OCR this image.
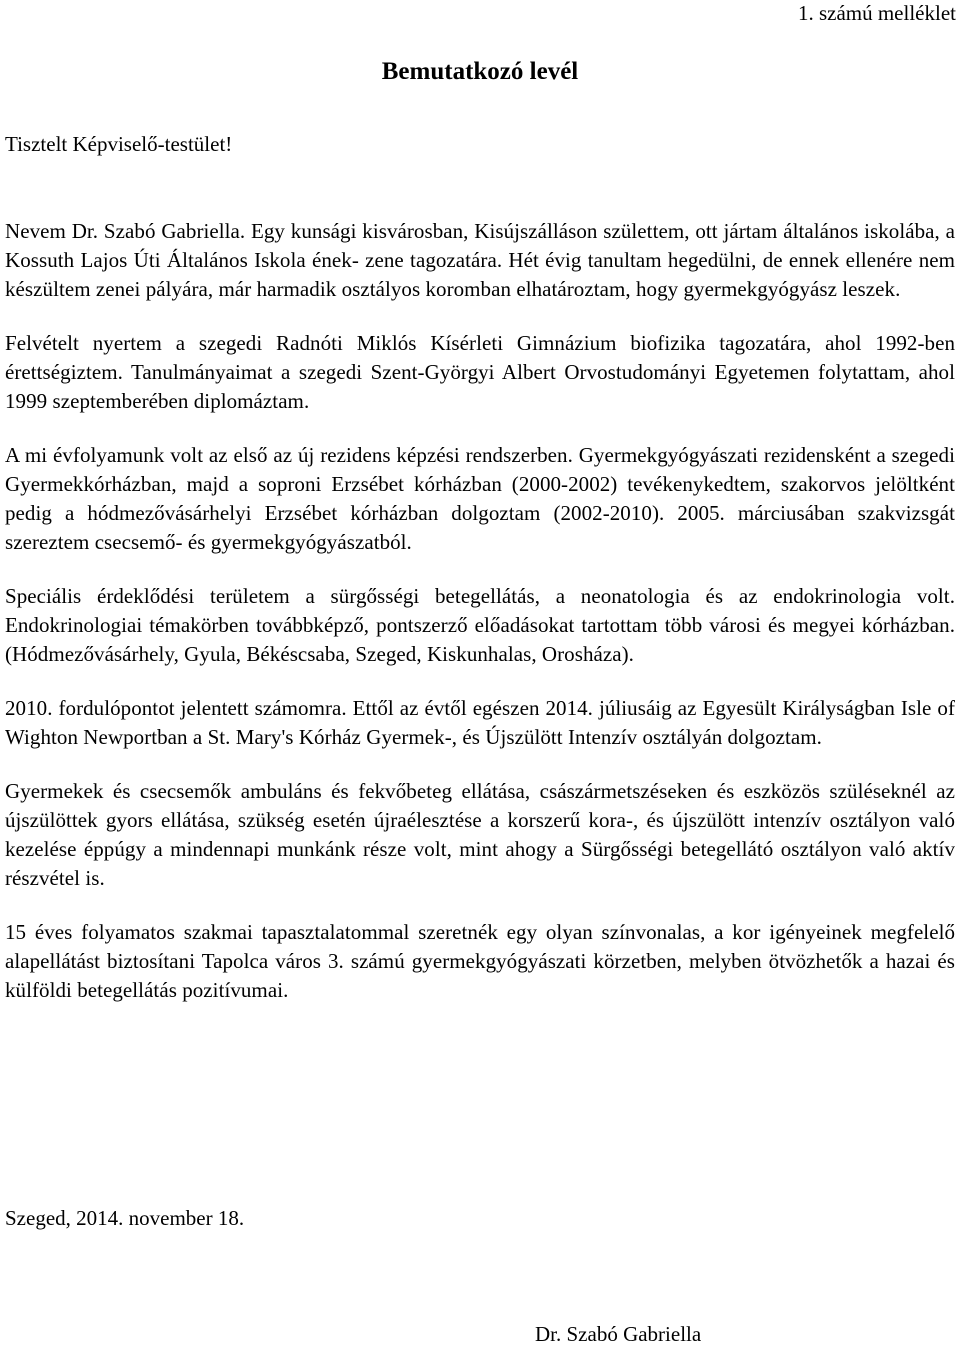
1. számú melléklet

Bemutatkozó levél

Tisztelt Képviselő-testület!

Nevem Dr. Szabó Gabriella. Egy kunsági kisvárosban, Kisújszálláson születtem, ott jártam általános iskolába, a Kossuth Lajos Úti Általános Iskola ének- zene tagozatára. Hét évig tanultam hegedülni, de ennek ellenére nem készültem zenei pályára, már harmadik osztályos koromban elhatároztam, hogy gyermekgyógyász leszek.

Felvételt nyertem a szegedi Radnóti Miklós Kísérleti Gimnázium biofizika tagozatára, ahol 1992-ben érettségiztem. Tanulmányaimat a szegedi Szent-Györgyi Albert Orvostudományi Egyetemen folytattam, ahol 1999 szeptemberében diplomáztam.

A mi évfolyamunk volt az első az új rezidens képzési rendszerben. Gyermekgyógyászati rezidensként a szegedi Gyermekkórházban, majd a soproni Erzsébet kórházban (2000-2002) tevékenykedtem, szakorvos jelöltként pedig a hódmezővásárhelyi Erzsébet kórházban dolgoztam (2002-2010). 2005. márciusában szakvizsgát szereztem csecsemő- és gyermekgyógyászatból.

Speciális érdeklődési területem a sürgősségi betegellátás, a neonatologia és az endokrinologia volt. Endokrinologiai témakörben továbbképző, pontszerző előadásokat tartottam több városi és megyei kórházban. (Hódmezővásárhely, Gyula, Békéscsaba, Szeged, Kiskunhalas, Orosháza).

2010. fordulópontot jelentett számomra. Ettől az évtől egészen 2014. júliusáig az Egyesült Királyságban Isle of Wighton Newportban a St. Mary's Kórház Gyermek-, és Újszülött Intenzív osztályán dolgoztam.

Gyermekek és csecsemők ambuláns és fekvőbeteg ellátása, császármetszéseken és eszközös szüléseknél az újszülöttek gyors ellátása, szükség esetén újraélesztése a korszerű kora-, és újszülött intenzív osztályon való kezelése éppúgy a mindennapi munkánk része volt, mint ahogy a Sürgősségi betegellátó osztályon való aktív részvétel is.

15 éves folyamatos szakmai tapasztalatommal szeretnék egy olyan színvonalas, a kor igényeinek megfelelő alapellátást biztosítani Tapolca város 3. számú gyermekgyógyászati körzetben, melyben ötvözhetők a hazai és külföldi betegellátás pozitívumai.

Szeged, 2014. november 18.

Dr. Szabó Gabriella
